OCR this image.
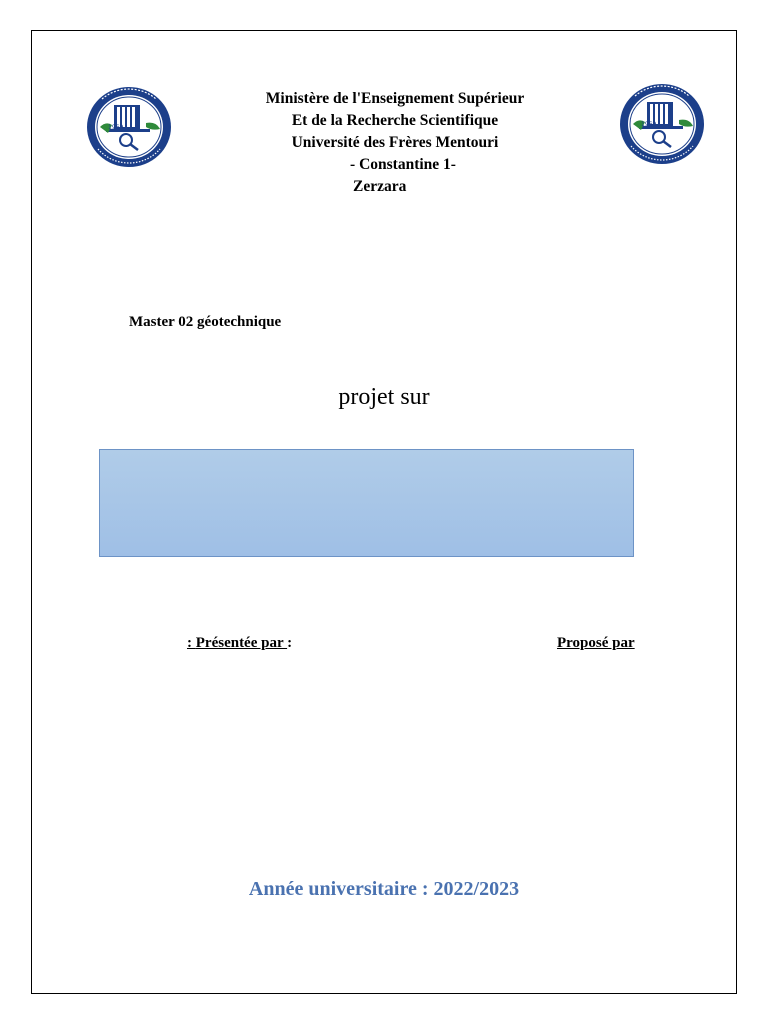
1969	1969
Ministère de l'Enseignement Supérieur
Et de la Recherche Scientifique
Université des Frères Mentouri
- Constantine 1-
Zerzara
Master 02 géotechnique
projet sur
: Présentée par :	Proposé par
Année universitaire : 2022/2023
